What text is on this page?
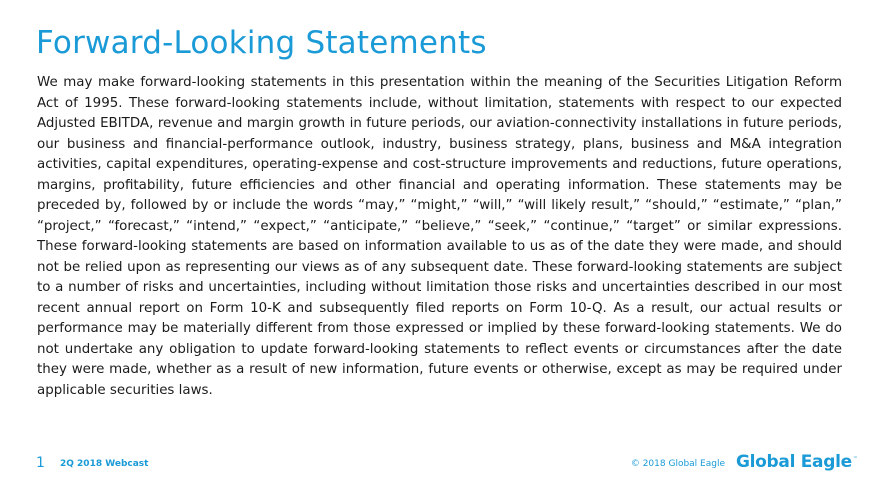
Forward-Looking Statements

We may make forward-looking statements in this presentation within the meaning of the Securities Litigation Reform Act of 1995. These forward-looking statements include, without limitation, statements with respect to our expected Adjusted EBITDA, revenue and margin growth in future periods, our aviation-connectivity installations in future periods, our business and financial-performance outlook, industry, business strategy, plans, business and M&A integration activities, capital expenditures, operating-expense and cost-structure improvements and reductions, future operations, margins, profitability, future efficiencies and other financial and operating information. These statements may be preceded by, followed by or include the words “may,” “might,” “will,” “will likely result,” “should,” “estimate,” “plan,” “project,” “forecast,” “intend,” “expect,” “anticipate,” “believe,” “seek,” “continue,” “target” or similar expressions. These forward-looking statements are based on information available to us as of the date they were made, and should not be relied upon as representing our views as of any subsequent date. These forward-looking statements are subject to a number of risks and uncertainties, including without limitation those risks and uncertainties described in our most recent annual report on Form 10-K and subsequently filed reports on Form 10-Q. As a result, our actual results or performance may be materially different from those expressed or implied by these forward-looking statements. We do not undertake any obligation to update forward-looking statements to reflect events or circumstances after the date they were made, whether as a result of new information, future events or otherwise, except as may be required under applicable securities laws.

1 2Q 2018 Webcast	© 2018 Global Eagle Global Eagle ™
